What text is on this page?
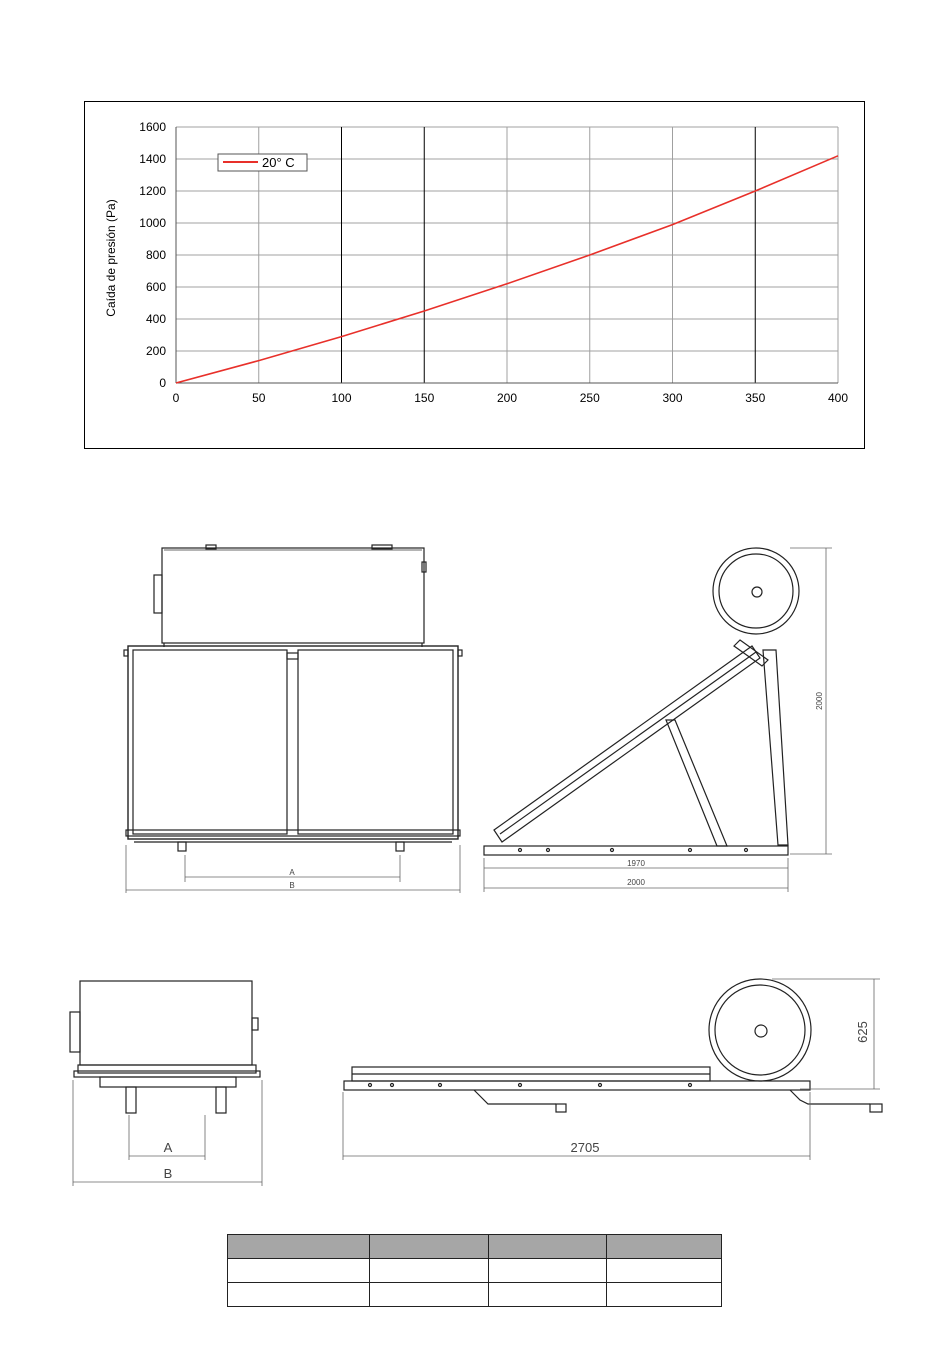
0
200
400
600
800
1000
1200
1400
1600
0	50	100	150	200	250	300	350	400
20° C
Caída de presión (Pa)
A
B
1970
2000
2000
A
B
2705
625
